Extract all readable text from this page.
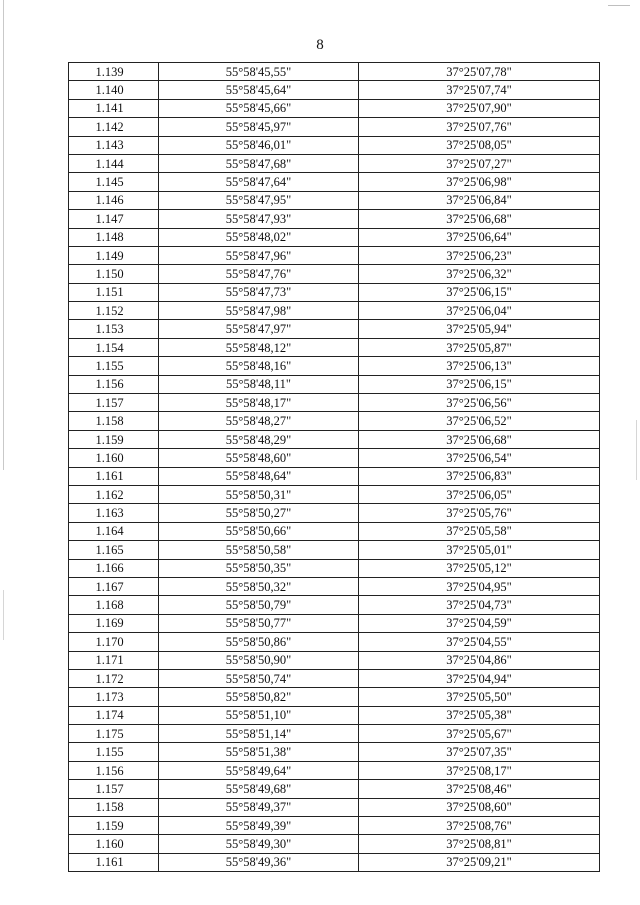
8
1.139	55°58'45,55"	37°25'07,78"
1.140	55°58'45,64"	37°25'07,74"
1.141	55°58'45,66"	37°25'07,90"
1.142	55°58'45,97"	37°25'07,76"
1.143	55°58'46,01"	37°25'08,05"
1.144	55°58'47,68"	37°25'07,27"
1.145	55°58'47,64"	37°25'06,98"
1.146	55°58'47,95"	37°25'06,84"
1.147	55°58'47,93"	37°25'06,68"
1.148	55°58'48,02"	37°25'06,64"
1.149	55°58'47,96"	37°25'06,23"
1.150	55°58'47,76"	37°25'06,32"
1.151	55°58'47,73"	37°25'06,15"
1.152	55°58'47,98"	37°25'06,04"
1.153	55°58'47,97"	37°25'05,94"
1.154	55°58'48,12"	37°25'05,87"
1.155	55°58'48,16"	37°25'06,13"
1.156	55°58'48,11"	37°25'06,15"
1.157	55°58'48,17"	37°25'06,56"
1.158	55°58'48,27"	37°25'06,52"
1.159	55°58'48,29"	37°25'06,68"
1.160	55°58'48,60"	37°25'06,54"
1.161	55°58'48,64"	37°25'06,83"
1.162	55°58'50,31"	37°25'06,05"
1.163	55°58'50,27"	37°25'05,76"
1.164	55°58'50,66"	37°25'05,58"
1.165	55°58'50,58"	37°25'05,01"
1.166	55°58'50,35"	37°25'05,12"
1.167	55°58'50,32"	37°25'04,95"
1.168	55°58'50,79"	37°25'04,73"
1.169	55°58'50,77"	37°25'04,59"
1.170	55°58'50,86"	37°25'04,55"
1.171	55°58'50,90"	37°25'04,86"
1.172	55°58'50,74"	37°25'04,94"
1.173	55°58'50,82"	37°25'05,50"
1.174	55°58'51,10"	37°25'05,38"
1.175	55°58'51,14"	37°25'05,67"
1.155	55°58'51,38"	37°25'07,35"
1.156	55°58'49,64"	37°25'08,17"
1.157	55°58'49,68"	37°25'08,46"
1.158	55°58'49,37"	37°25'08,60"
1.159	55°58'49,39"	37°25'08,76"
1.160	55°58'49,30"	37°25'08,81"
1.161	55°58'49,36"	37°25'09,21"
